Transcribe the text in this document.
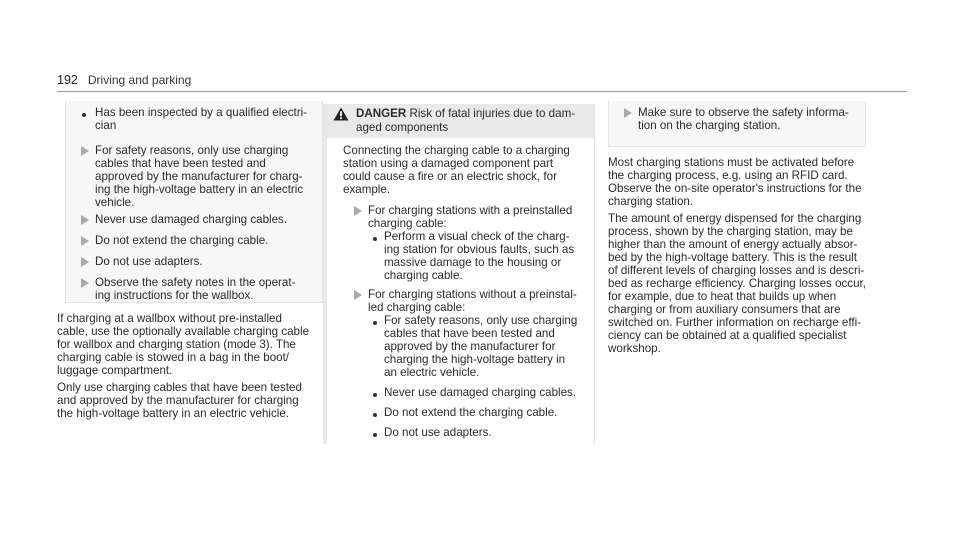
192 Driving and parking
Has been inspected by a qualified electri-
cian
For safety reasons, only use charging
cables that have been tested and
approved by the manufacturer for charg-
ing the high-voltage battery in an electric
vehicle.
Never use damaged charging cables.
Do not extend the charging cable.
Do not use adapters.
Observe the safety notes in the operat-
ing instructions for the wallbox.
If charging at a wallbox without pre-installed
cable, use the optionally available charging cable
for wallbox and charging station (mode 3). The
charging cable is stowed in a bag in the boot/
luggage compartment.
Only use charging cables that have been tested
and approved by the manufacturer for charging
the high-voltage battery in an electric vehicle.
DANGER Risk of fatal injuries due to dam-
aged components
Connecting the charging cable to a charging
station using a damaged component part
could cause a fire or an electric shock, for
example.
For charging stations with a preinstalled
charging cable:
Perform a visual check of the charg-
ing station for obvious faults, such as
massive damage to the housing or
charging cable.
For charging stations without a preinstal-
led charging cable:
For safety reasons, only use charging
cables that have been tested and
approved by the manufacturer for
charging the high-voltage battery in
an electric vehicle.
Never use damaged charging cables.
Do not extend the charging cable.
Do not use adapters.
Make sure to observe the safety informa-
tion on the charging station.
Most charging stations must be activated before
the charging process, e.g. using an RFID card.
Observe the on-site operator's instructions for the
charging station.
The amount of energy dispensed for the charging
process, shown by the charging station, may be
higher than the amount of energy actually absor-
bed by the high-voltage battery. This is the result
of different levels of charging losses and is descri-
bed as recharge efficiency. Charging losses occur,
for example, due to heat that builds up when
charging or from auxiliary consumers that are
switched on. Further information on recharge effi-
ciency can be obtained at a qualified specialist
workshop.
